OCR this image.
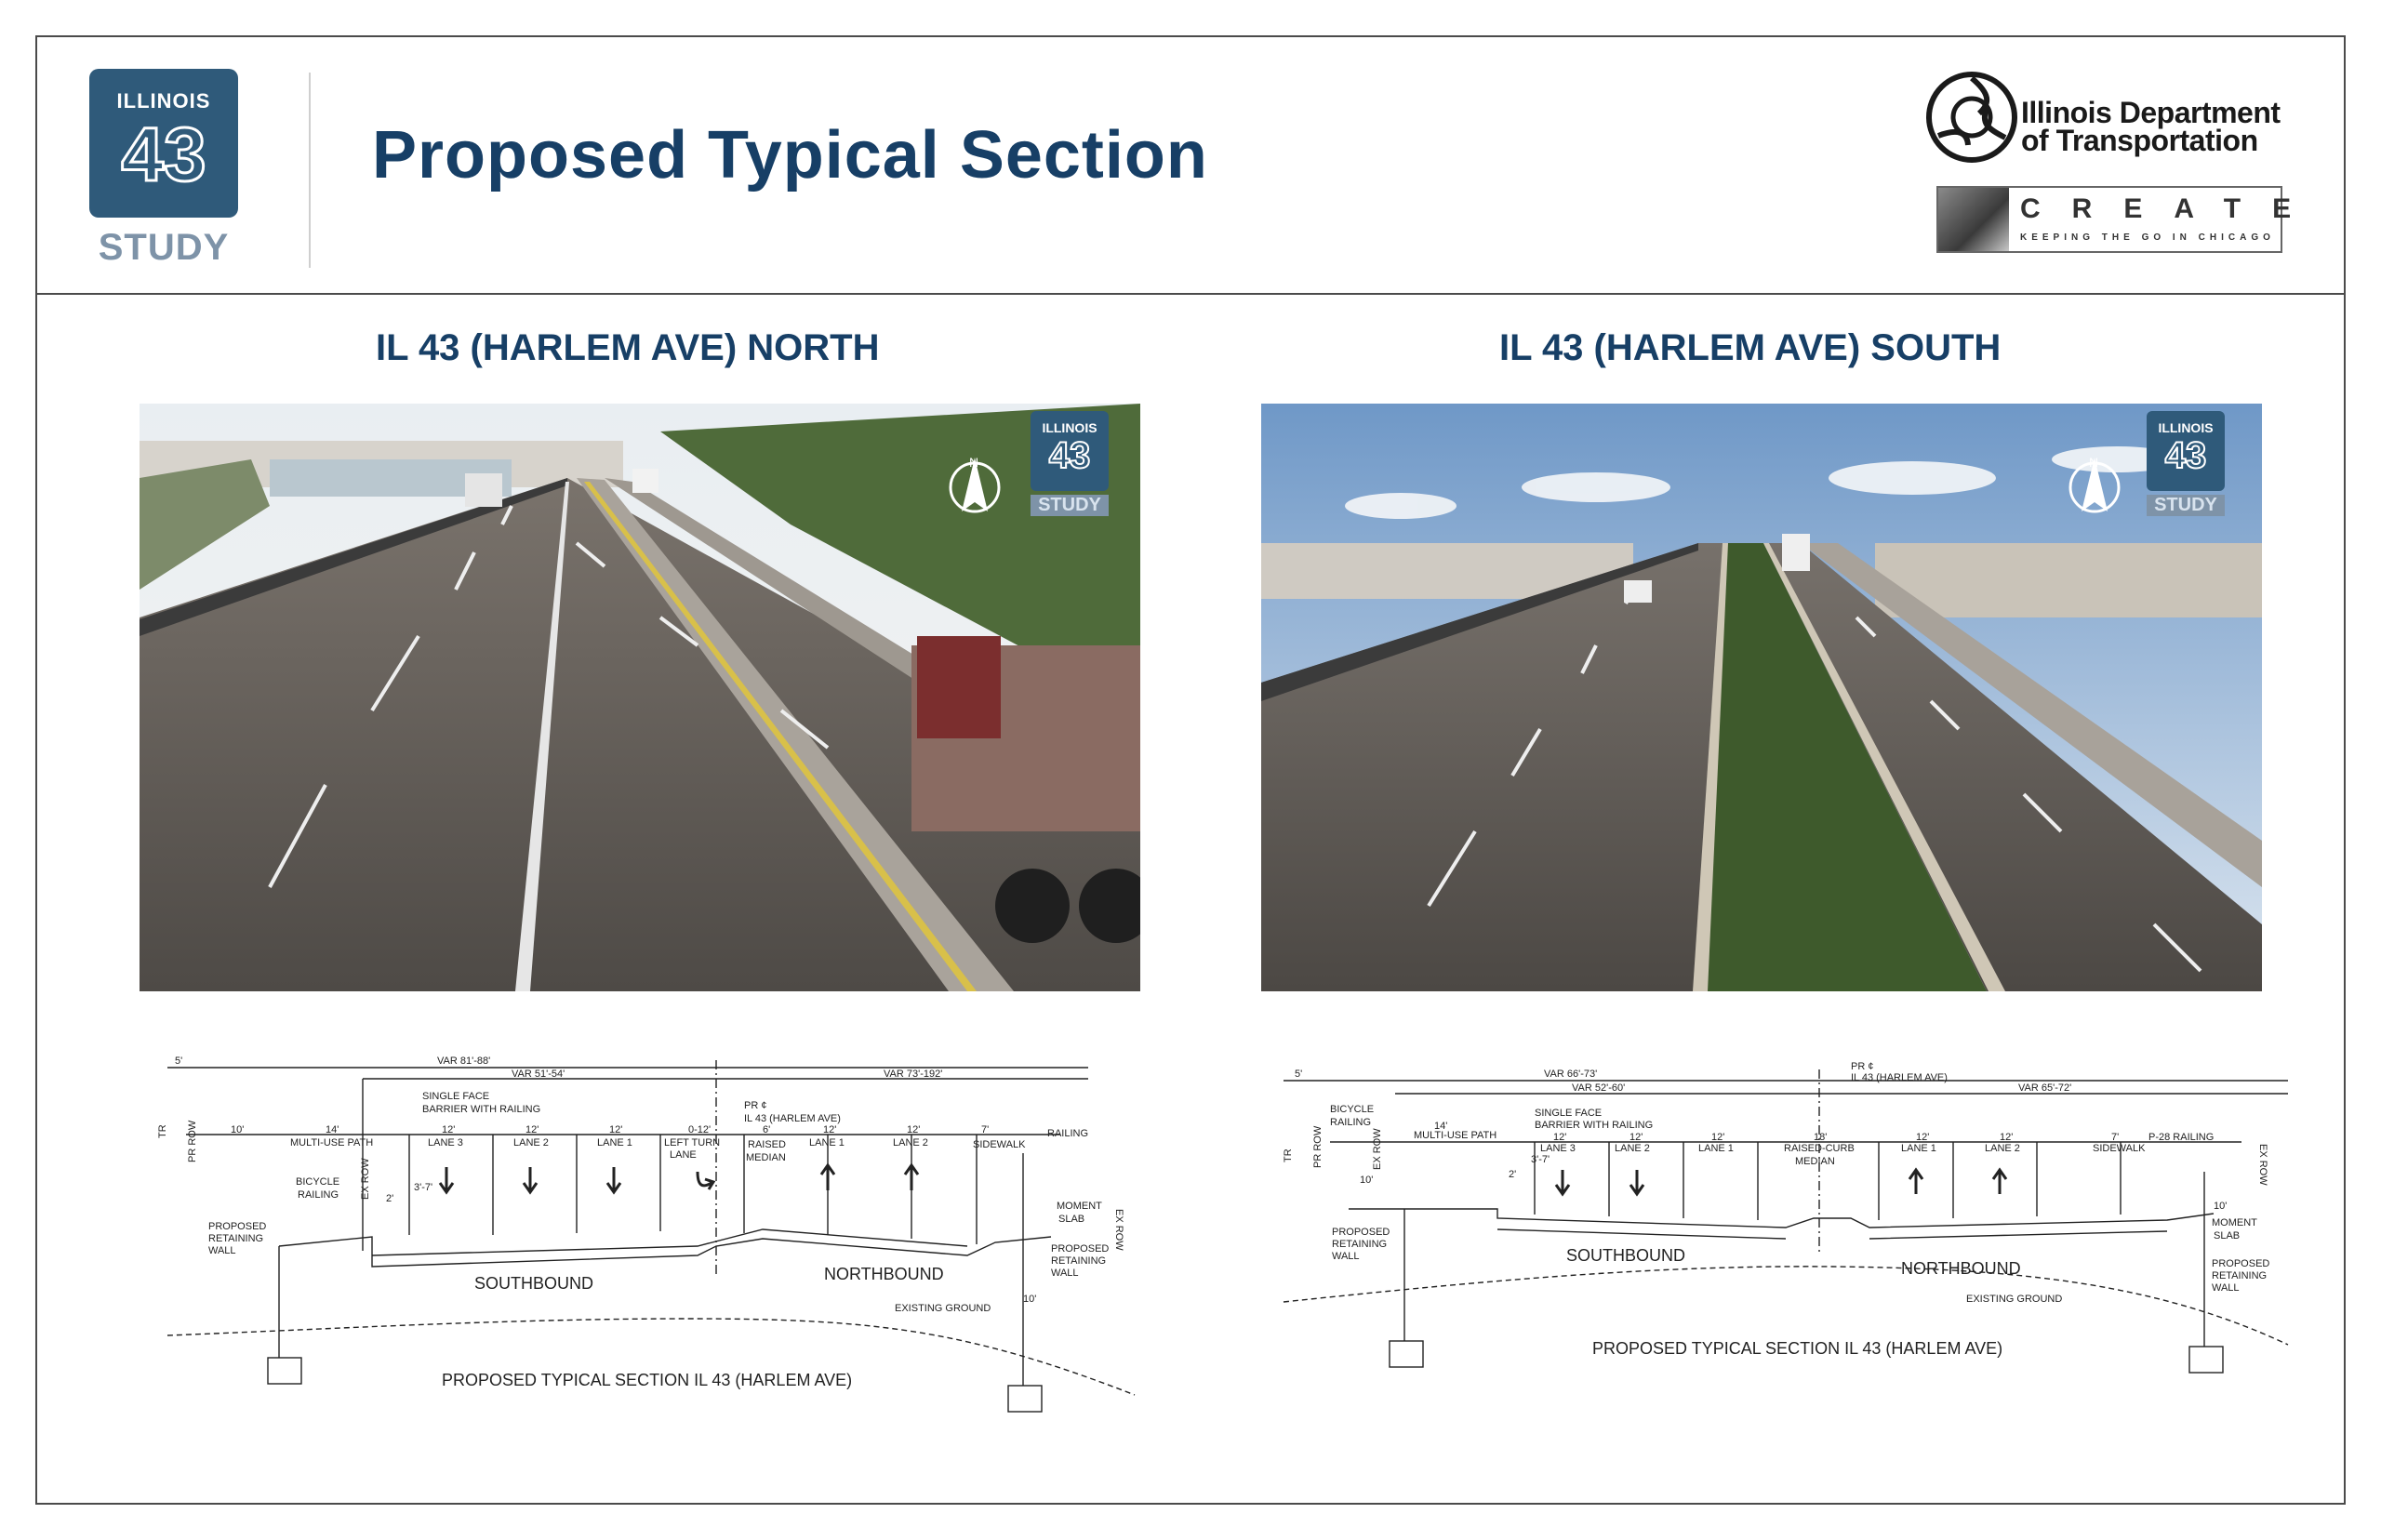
ILLINOIS
43
STUDY
Proposed Typical Section
Illinois Department
of Transportation
CREATE
KEEPING THE GO IN CHICAGO
IL 43 (HARLEM AVE) NORTH
ILLINOIS
43
STUDY
N
IL 43 (HARLEM AVE) SOUTH
ILLINOIS
43
STUDY
N
5'	VAR 81'-88'
VAR 51'-54'	VAR 73'-192'
10'	14'	12'	12'	12'	0-12'	6'	12'	12'	7'
10'
2'
3'-7'
TR PR ROW
EX ROW
EX ROW
SINGLE FACE
BARRIER WITH RAILING	PR ¢
IL 43 (HARLEM AVE)
MULTI-USE PATH	LANE 3	LANE 2	LANE 1	LEFT TURN
LANE
RAISED
MEDIAN
LANE 1	LANE 2	SIDEWALK
RAILING
BICYCLE
RAILING
PROPOSED
RETAINING
WALL
MOMENT
SLAB
PROPOSED
RETAINING
WALL
SOUTHBOUND	NORTHBOUND
EXISTING GROUND
PROPOSED TYPICAL SECTION IL 43 (HARLEM AVE)
5'	VAR 66'-73'
VAR 52'-60'	VAR 65'-72'
10'
14'
12'	12'	12'	18'	12'	12'	7'
10'
2'
3'-7'
TR PR ROW	EX ROW	EX ROW
BICYCLE
RAILING
SINGLE FACE
BARRIER WITH RAILING
PR ¢
IL 43 (HARLEM AVE)
MULTI-USE PATH
LANE 3	LANE 2	LANE 1	RAISED-CURB
MEDIAN
LANE 1	LANE 2	SIDEWALK
P-28 RAILING
PROPOSED
RETAINING
WALL
MOMENT
SLAB
PROPOSED
RETAINING
WALL
SOUTHBOUND
NORTHBOUND
EXISTING GROUND
PROPOSED TYPICAL SECTION IL 43 (HARLEM AVE)
